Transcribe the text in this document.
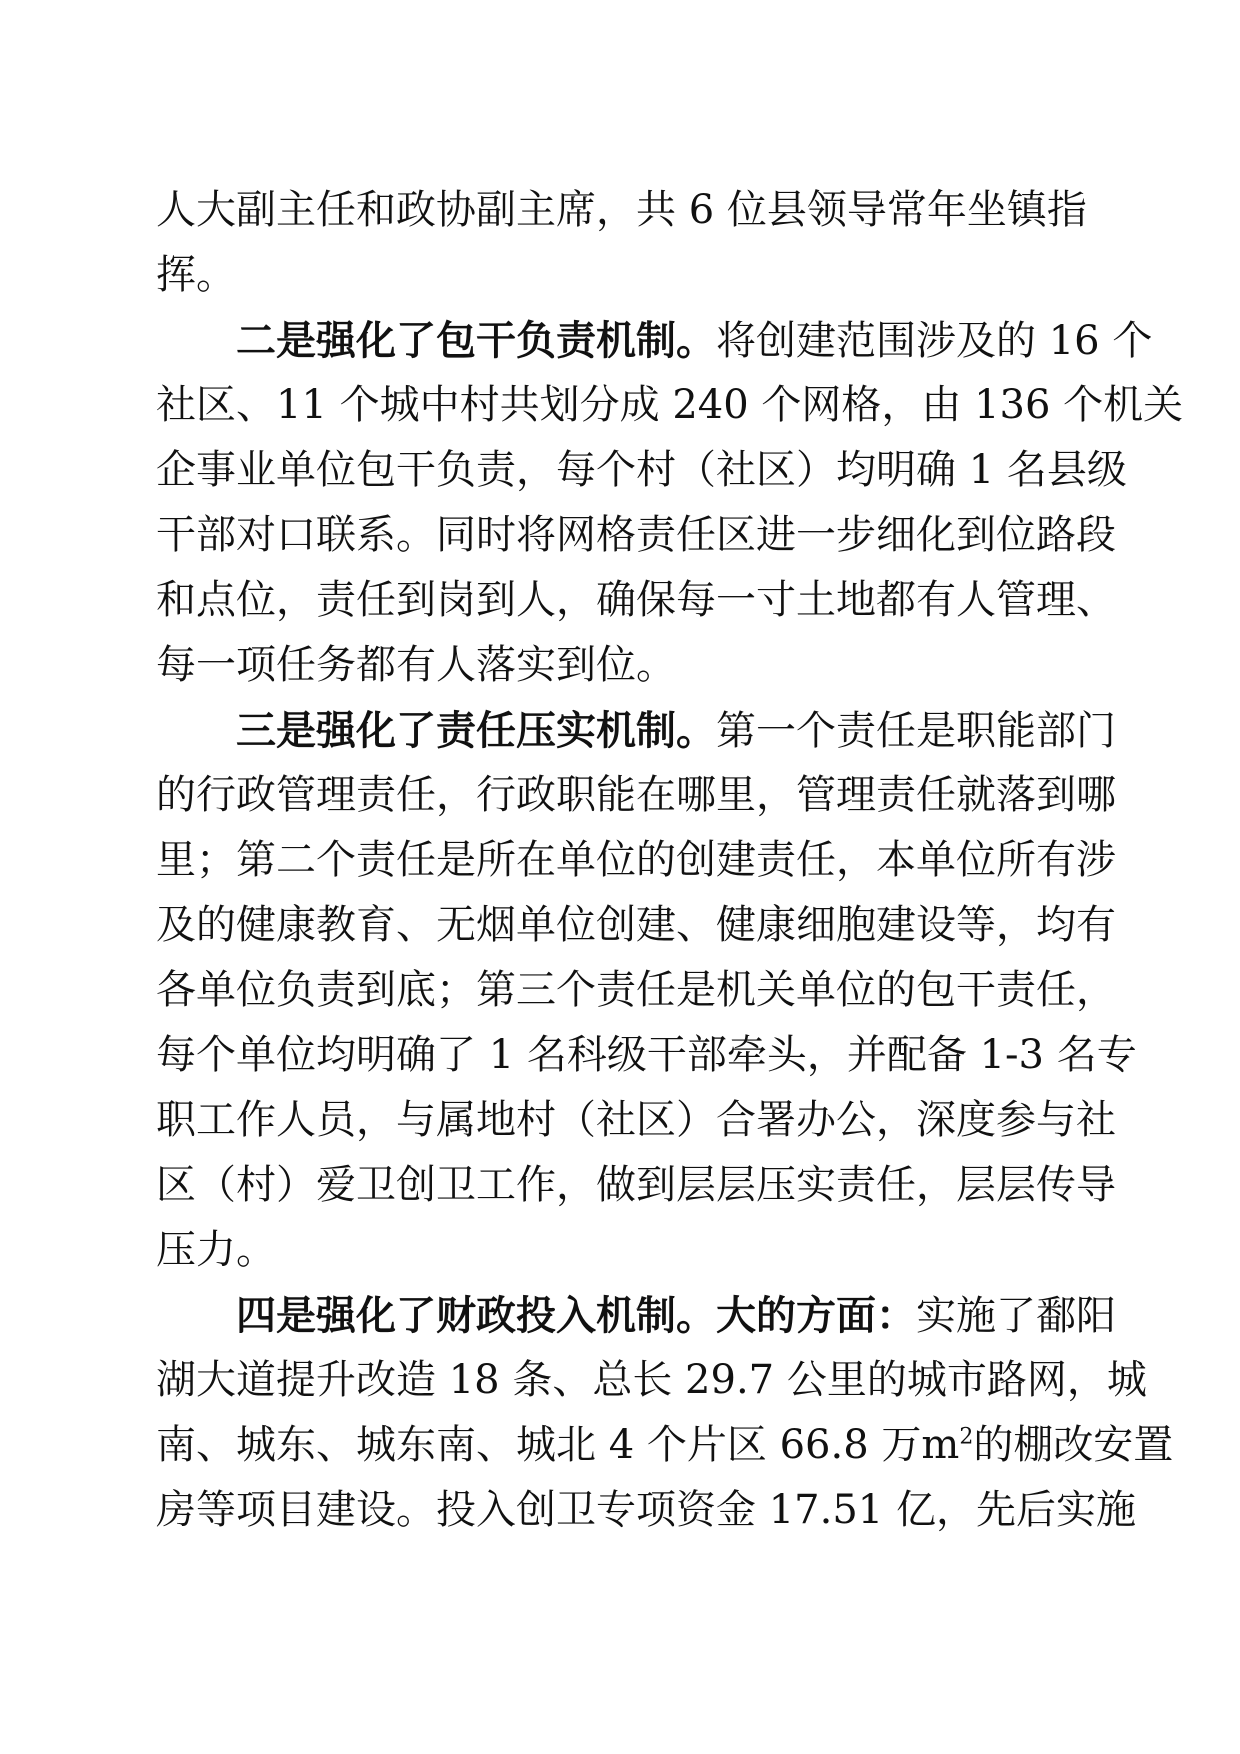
人大副主任和政协副主席，共 6 位县领导常年坐镇指
挥。
二是强化了包干负责机制。将创建范围涉及的 16 个
社区、11 个城中村共划分成 240 个网格，由 136 个机关
企事业单位包干负责，每个村（社区）均明确 1 名县级
干部对口联系。同时将网格责任区进一步细化到位路段
和点位，责任到岗到人，确保每一寸土地都有人管理、
每一项任务都有人落实到位。
三是强化了责任压实机制。第一个责任是职能部门
的行政管理责任，行政职能在哪里，管理责任就落到哪
里；第二个责任是所在单位的创建责任，本单位所有涉
及的健康教育、无烟单位创建、健康细胞建设等，均有
各单位负责到底；第三个责任是机关单位的包干责任，
每个单位均明确了 1 名科级干部牵头，并配备 1-3 名专
职工作人员，与属地村（社区）合署办公，深度参与社
区（村）爱卫创卫工作，做到层层压实责任，层层传导
压力。
四是强化了财政投入机制。大的方面：实施了鄱阳
湖大道提升改造 18 条、总长 29.7 公里的城市路网，城
南、城东、城东南、城北 4 个片区 66.8 万$m^2$的棚改安置
房等项目建设。投入创卫专项资金 17.51 亿，先后实施
